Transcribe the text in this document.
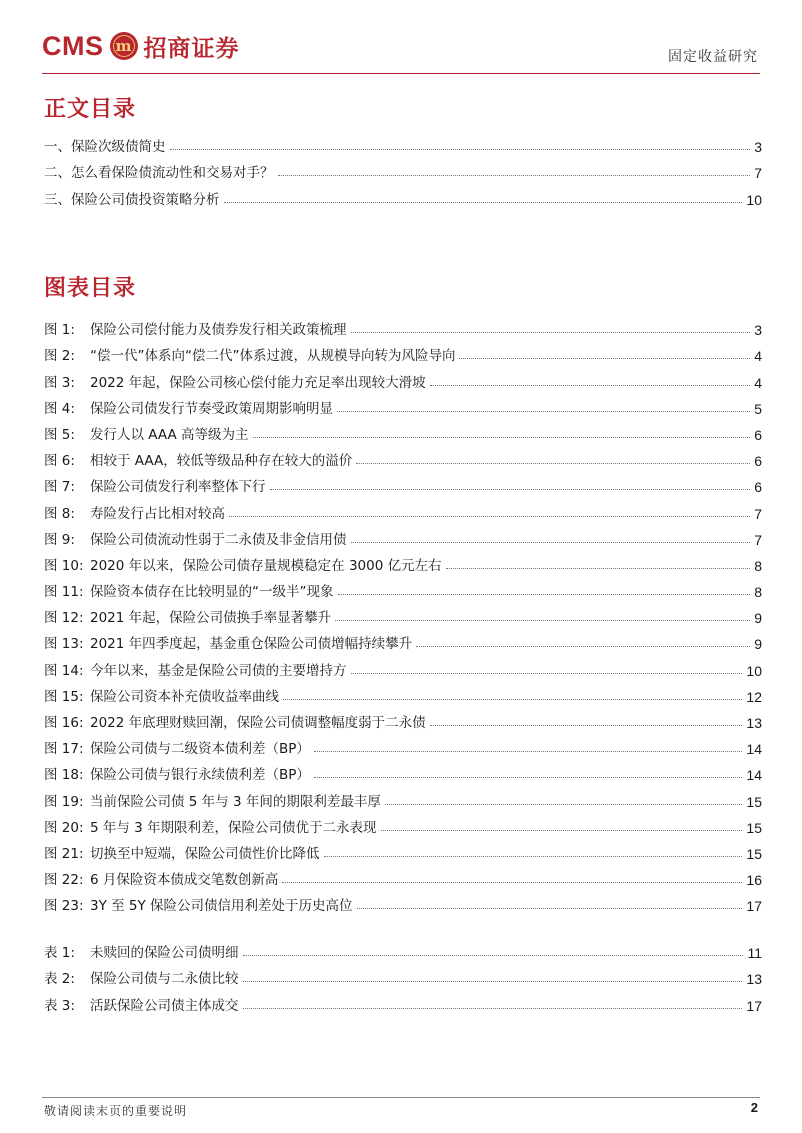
CMS m 招商证券	固定收益研究
正文目录
一、保险次级债简史	3
二、怎么看保险债流动性和交易对手？	7
三、保险公司债投资策略分析	10
图表目录
图 1:	保险公司偿付能力及债券发行相关政策梳理	3
图 2:	“偿一代”体系向“偿二代”体系过渡，从规模导向转为风险导向	4
图 3:	2022 年起，保险公司核心偿付能力充足率出现较大滑坡	4
图 4:	保险公司债发行节奏受政策周期影响明显	5
图 5:	发行人以 AAA 高等级为主	6
图 6:	相较于 AAA，较低等级品种存在较大的溢价	6
图 7:	保险公司债发行利率整体下行	6
图 8:	寿险发行占比相对较高	7
图 9:	保险公司债流动性弱于二永债及非金信用债	7
图 10: 2020 年以来，保险公司债存量规模稳定在 3000 亿元左右	8
图 11: 保险资本债存在比较明显的“一级半”现象	8
图 12: 2021 年起，保险公司债换手率显著攀升	9
图 13: 2021 年四季度起，基金重仓保险公司债增幅持续攀升	9
图 14: 今年以来，基金是保险公司债的主要增持方	10
图 15: 保险公司资本补充债收益率曲线	12
图 16: 2022 年底理财赎回潮，保险公司债调整幅度弱于二永债	13
图 17: 保险公司债与二级资本债利差（BP）	14
图 18: 保险公司债与银行永续债利差（BP）	14
图 19: 当前保险公司债 5 年与 3 年间的期限利差最丰厚	15
图 20: 5 年与 3 年期限利差，保险公司债优于二永表现	15
图 21: 切换至中短端，保险公司债性价比降低	15
图 22: 6 月保险资本债成交笔数创新高	16
图 23: 3Y 至 5Y 保险公司债信用利差处于历史高位	17
表 1:	未赎回的保险公司债明细	11
表 2:	保险公司债与二永债比较	13
表 3:	活跃保险公司债主体成交	17
敬请阅读末页的重要说明	2
